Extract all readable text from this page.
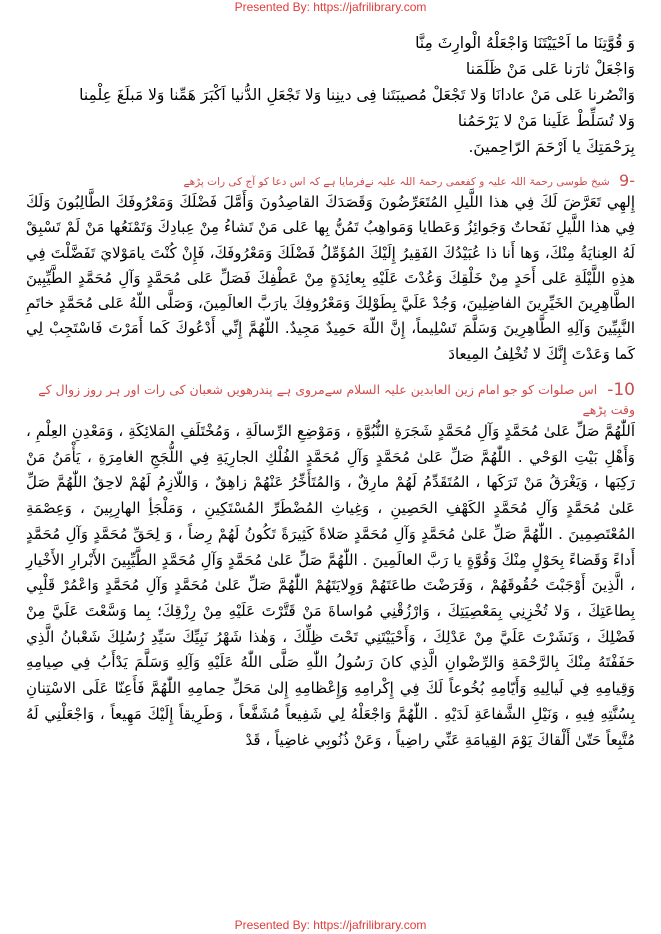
Presented By: https://jafrilibrary.com
وَ قُوَّتِنَا ما اَحْيَيْتَنَا وَاجْعَلْهُ الْوارِثَ مِنَّا
وَاجْعَلْ ثارَنا عَلی مَنْ ظَلَمَنا
وَانْصُرنا عَلی مَنْ عادانَا وَلا تَجْعَلْ مُصيبَتَنا فِی دينِنا وَلا تَجْعَلِ الدُّنيا اَكْبَرَ هَمِّنا وَلا مَبلَغَ عِلْمِنا
وَلا تُسَلِّطْ عَلَينا مَنْ لا يَرْحَمُنا
بِرَحْمَتِكَ يا اَرْحَمَ الرّاحِمينَ.
-9 شیخ طوسی رحمۃ اللہ علیہ و کفعمی رحمۃ اللہ علیہ نےفرمایا ہے کہ اس دعا کو آج کی رات پڑھے
إِلهِي تَعَرَّضَ لَكَ فِي هذا اللَّيلِ المُتَعَرِّضُونَ وَقَصَدَكَ القاصِدُونَ وَأَمَّلَ فَضْلَكَ وَمَعْرُوفَكَ الطَّالِبُونَ وَلَكَ فِي هذا اللَّيلِ نَفَحاتٌ وَجَوائِزُ وَعَطايا وَمَواهِبُ تَمُنُّ بِها عَلى مَنْ تَشاءُ مِنْ عِبادِكَ وَتَمْنَعُها مَنْ لَمْ تَسْبِقْ لَهُ العِنايَةُ مِنْكَ، وَها أَنا ذا عُبَيْدُكَ الفَقِيرُ إِلَيْكَ المُؤَمِّلُ فَضْلَكَ وَمَعْرُوفَكَ، فَإِنْ كُنْتَ يامَوْلايَ تَفَضَّلْتَ فِي هذِهِ اللَّيْلَةِ عَلى أَحَدٍ مِنْ خَلْقِكَ وَعُدْتَ عَلَيْهِ بِعائِدَةٍ مِنْ عَطْفِكَ فَصَلِّ عَلى مُحَمَّدٍ وَآلِ مُحَمَّدٍ الطَّيِّبِينَ الطَّاهِرِينَ الخَيِّرِينَ الفاضِلِينَ، وَجُدْ عَلَيَّ بِطَوْلِكَ وَمَعْرُوفِكَ يارَبَّ العالَمِينَ، وَصَلَّى اللّهُ عَلى مُحَمَّدٍ خاتَمِ النَّبِيِّينَ وَآلِهِ الطَّاهِرِينَ وَسَلَّمَ تَسْلِيماً، إِنَّ اللّهَ حَمِيدٌ مَجِيدٌ. اللّهُمَّ إِنِّي أَدْعُوكَ كَما أَمَرْتَ فَاسْتَجِبْ لِي كَما وَعَدْتَ إِنَّكَ لا تُخْلِفُ المِيعادَ
10- اس صلوات کو جو امام زین العابدین علیہ السلام سےمروی ہے پندرھویں شعبان کی رات اور ہر روز زوال کے وقت پڑھے
اَللّٰهُمَّ صَلِّ عَلیٰ مُحَمَّدٍ وَآلِ مُحَمَّدٍ شَجَرَةِ النُّبُوَّةِ ، وَمَوْضِعِ الرِّسالَةِ ، وَمُخْتَلَفِ المَلائِكَةِ ، وَمَعْدِنِ العِلْمِ ، وَأَهْلِ بَيْتِ الوَحْي . اللّٰهُمَّ صَلِّ عَلیٰ مُحَمَّدٍ وَآلِ مُحَمَّدٍ الفُلْكِ الجارِيَةِ فِي اللُّجَجِ الغامِرَةِ ، يَأْمَنُ مَنْ رَكِبَها ، وَيَغْرَقُ مَنْ تَرَكَها ، المُتَقَدِّمُ لَهُمْ مارِقٌ ، وَالمُتَأَخِّرُ عَنْهُمْ زاهِقٌ ، وَاللّازِمُ لَهُمْ لاحِقٌ اللّٰهُمَّ صَلِّ عَلیٰ مُحَمَّدٍ وَآلِ مُحَمَّدٍ الكَهْفِ الحَصِينِ ، وَغِياثِ المُضْطَرِّ المُسْتَكِينِ ، وَمَلْجَأِ الهارِبِينَ ، وَعِصْمَةِ المُعْتَصِمِينَ . اللّٰهُمَّ صَلِّ عَلیٰ مُحَمَّدٍ وَآلِ مُحَمَّدٍ صَلاةً كَثِيرَةً تَكُونُ لَهُمْ رِضاً ، وَ لِحَقِّ مُحَمَّدٍ وَآلِ مُحَمَّدٍ أَداءً وَقَضاءً بِحَوْلٍ مِنْكَ وَقُوَّةٍ يا رَبَّ العالَمِينَ . اللّٰهُمَّ صَلِّ عَلیٰ مُحَمَّدٍ وَآلِ مُحَمَّدٍ الطَّيِّبِينَ الأَبْرارِ الأَخْيارِ ، الَّذِينَ أَوْجَبْتَ حُقُوقَهُمْ ، وَفَرَضْتَ طاعَتَهُمْ وَوِلايَتَهُمْ اللّٰهُمَّ صَلِّ عَلیٰ مُحَمَّدٍ وَآلِ مُحَمَّدٍ وَاعْمُرْ قَلْبِي بِطاعَتِكَ ، وَلا تُخْزِنِي بِمَعْصِيَتِكَ ، وَارْزُقْنِي مُواساةَ مَنْ قَتَّرْتَ عَلَيْهِ مِنْ رِزْقِكَ؛ بِما وَسَّعْتَ عَلَيَّ مِنْ فَضْلِكَ ، وَنَشَرْتَ عَلَيَّ مِنْ عَدْلِكَ ، وَأَحْيَيْتَنِي تَحْتَ ظِلِّكَ ، وَهٰذا شَهْرُ نَبِيِّكَ سَيِّدِ رُسُلِكَ شَعْبانُ الَّذِي حَفَفْتَهُ مِنْكَ بِالرَّحْمَةِ وَالرِّضْوانِ الَّذِي كانَ رَسُولُ اللّٰهِ صَلَّى اللّٰهُ عَلَيْهِ وَآلِهِ وَسَلَّمَ يَدْأَبُ فِي صِيامِهِ وَقِيامِهِ فِي لَيالِيهِ وَأَيّامِهِ بُخُوعاً لَكَ فِي إِكْرامِهِ وَإِعْظامِهِ إِلىٰ مَحَلِّ حِمامِهِ اللّٰهُمَّ فَأَعِنّا عَلَى الاسْتِنانِ بِسُنَّتِهِ فِيهِ ، وَنَيْلِ الشَّفاعَةِ لَدَيْهِ . اللّٰهُمَّ وَاجْعَلْهُ لِي شَفِيعاً مُشَفَّعاً ، وَطَرِيقاً إِلَيْكَ مَهِيعاً ، وَاجْعَلْنِي لَهُ مُتَّبِعاً حَتّىٰ أَلْقاكَ يَوْمَ القِيامَةِ عَنِّي راضِياً ، وَعَنْ ذُنُوبِي غاضِياً ، قَدْ
Presented By: https://jafrilibrary.com
